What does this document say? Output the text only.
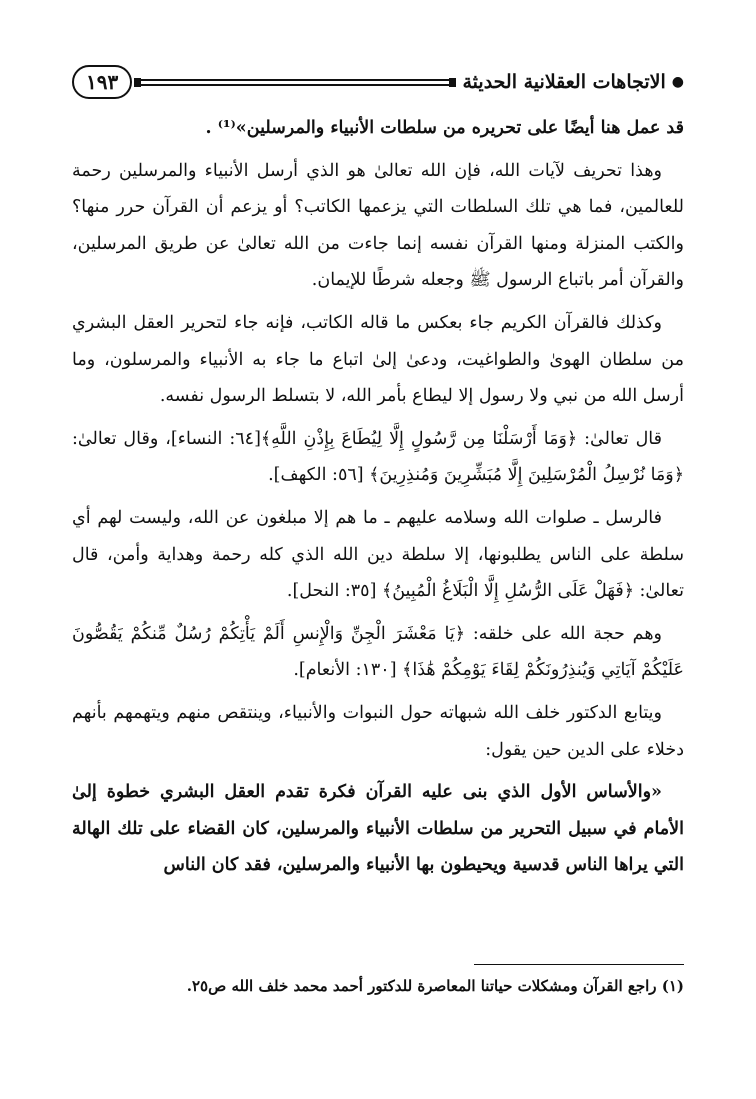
●
الاتجاهات العقلانية الحديثة
١٩٣

قد عمل هنا أيضًا على تحريره من سلطات الأنبياء والمرسلين»⁽¹⁾ .

وهذا تحريف لآيات الله، فإن الله تعالىٰ هو الذي أرسل الأنبياء والمرسلين رحمة للعالمين، فما هي تلك السلطات التي يزعمها الكاتب؟ أو يزعم أن القرآن حرر منها؟ والكتب المنزلة ومنها القرآن نفسه إنما جاءت من الله تعالىٰ عن طريق المرسلين، والقرآن أمر باتباع الرسول ﷺ وجعله شرطًا للإيمان.

وكذلك فالقرآن الكريم جاء بعكس ما قاله الكاتب، فإنه جاء لتحرير العقل البشري من سلطان الهوىٰ والطواغيت، ودعىٰ إلىٰ اتباع ما جاء به الأنبياء والمرسلون، وما أرسل الله من نبي ولا رسول إلا ليطاع بأمر الله، لا بتسلط الرسول نفسه.

قال تعالىٰ: ﴿وَمَا أَرْسَلْنَا مِن رَّسُولٍ إِلَّا لِيُطَاعَ بِإِذْنِ اللَّهِ﴾[٦٤: النساء]، وقال تعالىٰ: ﴿وَمَا نُرْسِلُ الْمُرْسَلِينَ إِلَّا مُبَشِّرِينَ وَمُنذِرِينَ﴾ [٥٦: الكهف].

فالرسل ـ صلوات الله وسلامه عليهم ـ ما هم إلا مبلغون عن الله، وليست لهم أي سلطة على الناس يطلبونها، إلا سلطة دين الله الذي كله رحمة وهداية وأمن، قال تعالىٰ: ﴿فَهَلْ عَلَى الرُّسُلِ إِلَّا الْبَلَاغُ الْمُبِينُ﴾ [٣٥: النحل].

وهم حجة الله على خلقه: ﴿يَا مَعْشَرَ الْجِنِّ وَالْإِنسِ أَلَمْ يَأْتِكُمْ رُسُلٌ مِّنكُمْ يَقُصُّونَ عَلَيْكُمْ آيَاتِي وَيُنذِرُونَكُمْ لِقَاءَ يَوْمِكُمْ هَٰذَا﴾ [١٣٠: الأنعام].

ويتابع الدكتور خلف الله شبهاته حول النبوات والأنبياء، وينتقص منهم ويتهمهم بأنهم دخلاء على الدين حين يقول:

«والأساس الأول الذي بنى عليه القرآن فكرة تقدم العقل البشري خطوة إلىٰ الأمام في سبيل التحرير من سلطات الأنبياء والمرسلين، كان القضاء على تلك الهالة التي يراها الناس قدسية ويحيطون بها الأنبياء والمرسلين، فقد كان الناس

(١) راجع القرآن ومشكلات حياتنا المعاصرة للدكتور أحمد محمد خلف الله ص٢٥.
